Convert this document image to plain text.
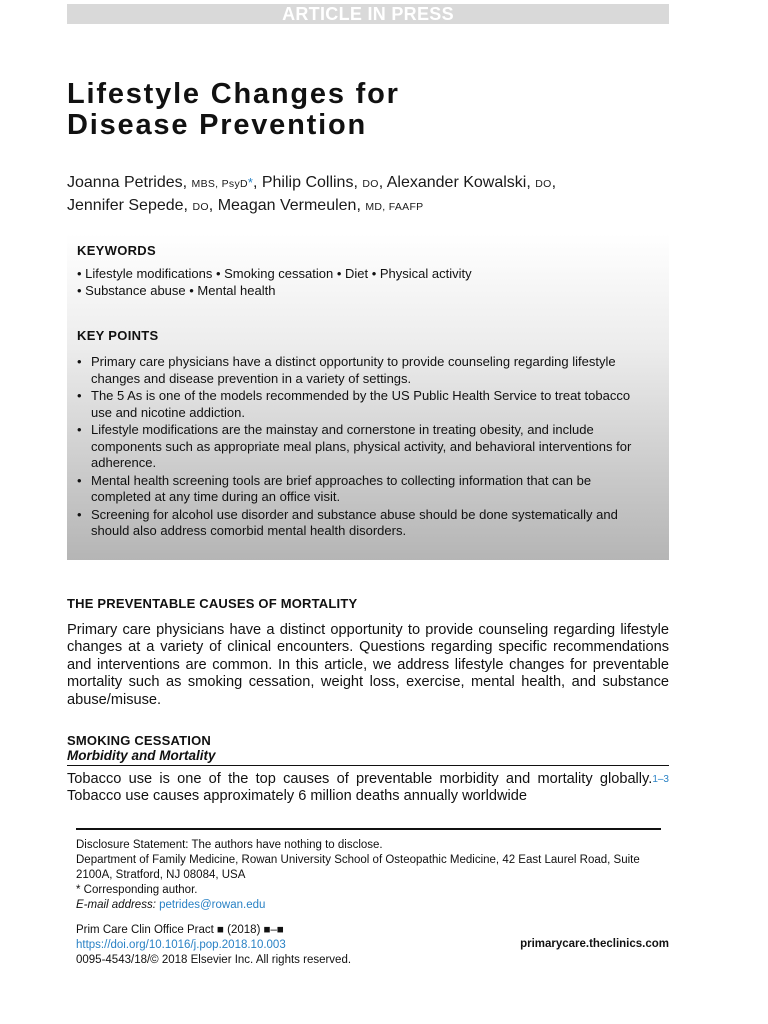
ARTICLE IN PRESS
Lifestyle Changes for
Disease Prevention
Joanna Petrides, MBS, PsyD*, Philip Collins, DO, Alexander Kowalski, DO,
Jennifer Sepede, DO, Meagan Vermeulen, MD, FAAFP
KEYWORDS
• Lifestyle modifications • Smoking cessation • Diet • Physical activity
• Substance abuse • Mental health
KEY POINTS
• Primary care physicians have a distinct opportunity to provide counseling regarding lifestyle changes and disease prevention in a variety of settings.
• The 5 As is one of the models recommended by the US Public Health Service to treat tobacco use and nicotine addiction.
• Lifestyle modifications are the mainstay and cornerstone in treating obesity, and include components such as appropriate meal plans, physical activity, and behavioral interventions for adherence.
• Mental health screening tools are brief approaches to collecting information that can be completed at any time during an office visit.
• Screening for alcohol use disorder and substance abuse should be done systematically and should also address comorbid mental health disorders.
THE PREVENTABLE CAUSES OF MORTALITY

Primary care physicians have a distinct opportunity to provide counseling regarding lifestyle changes at a variety of clinical encounters. Questions regarding specific recommendations and interventions are common. In this article, we address lifestyle changes for preventable mortality such as smoking cessation, weight loss, exercise, mental health, and substance abuse/misuse.

SMOKING CESSATION
Morbidity and Mortality

Tobacco use is one of the top causes of preventable morbidity and mortality globally.$^{1-3}$ Tobacco use causes approximately 6 million deaths annually worldwide

Disclosure Statement: The authors have nothing to disclose.
Department of Family Medicine, Rowan University School of Osteopathic Medicine, 42 East Laurel Road, Suite 2100A, Stratford, NJ 08084, USA
* Corresponding author.
E-mail address: petrides@rowan.edu
Prim Care Clin Office Pract ■ (2018) ■–■
https://doi.org/10.1016/j.pop.2018.10.003	primarycare.theclinics.com
0095-4543/18/© 2018 Elsevier Inc. All rights reserved.
